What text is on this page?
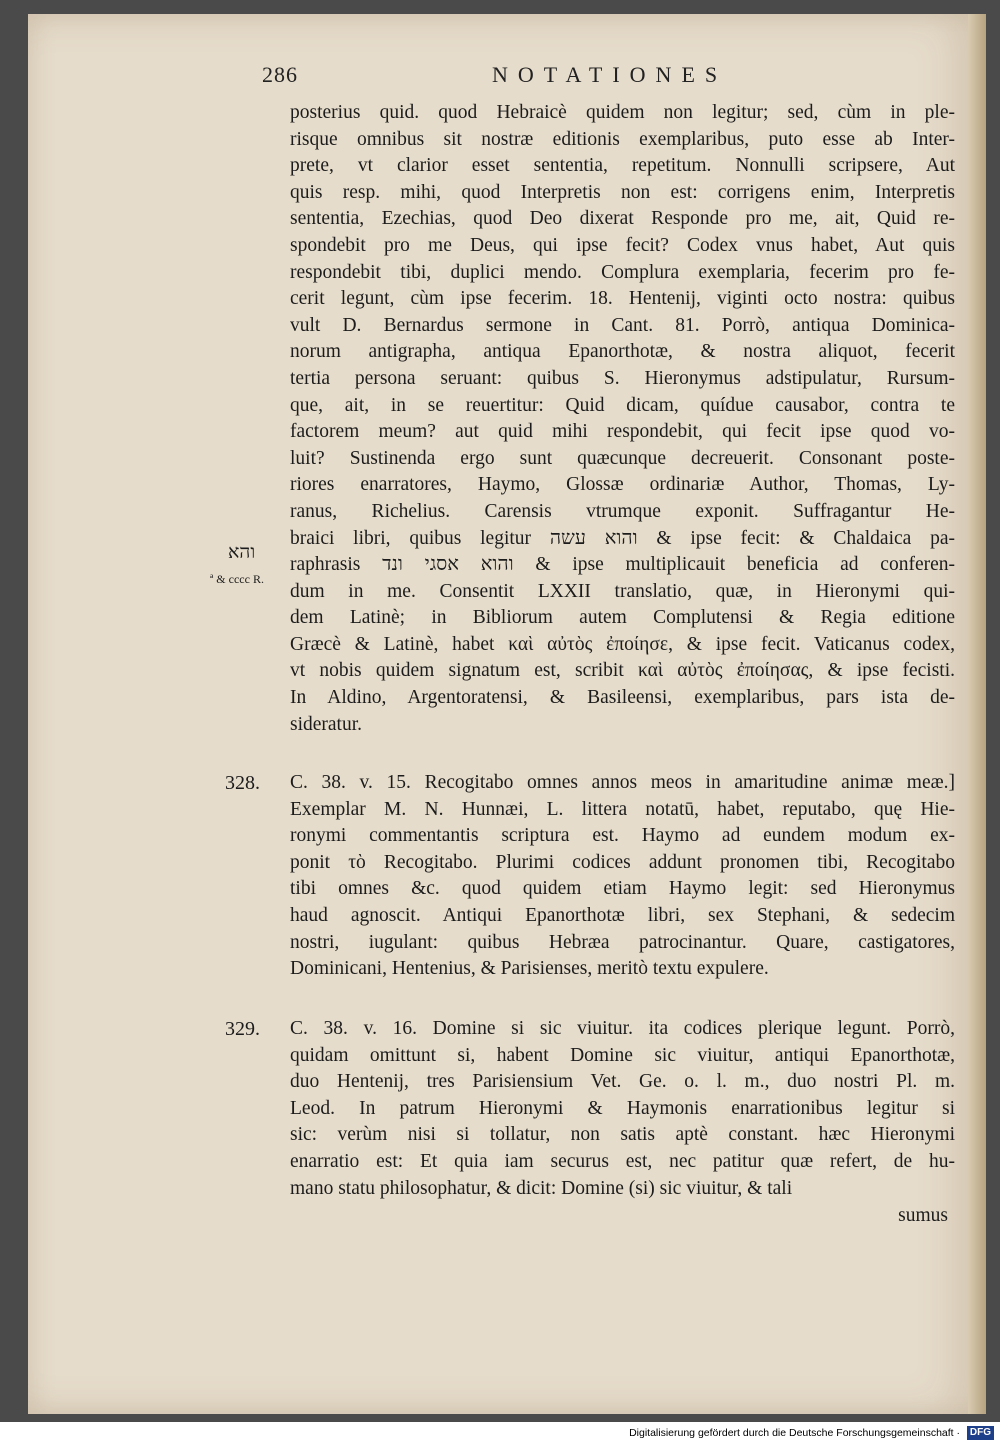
286	NOTATIONES
posterius quid. quod Hebraicè quidem non legitur; sed, cùm in ple-
risque omnibus sit nostræ editionis exemplaribus, puto esse ab Inter-
prete, vt clarior esset sententia, repetitum. Nonnulli scripsere, Aut
quis resp. mihi, quod Interpretis non est: corrigens enim, Interpretis
sententia, Ezechias, quod Deo dixerat Responde pro me, ait, Quid re-
spondebit pro me Deus, qui ipse fecit? Codex vnus habet, Aut quis
respondebit tibi, duplici mendo. Complura exemplaria, fecerim pro fe-
cerit legunt, cùm ipse fecerim. 18. Hentenij, viginti octo nostra: quibus
vult D. Bernardus sermone in Cant. 81. Porrò, antiqua Dominica-
norum antigrapha, antiqua Epanorthotæ, & nostra aliquot, fecerit
tertia persona seruant: quibus S. Hieronymus adstipulatur, Rursum-
que, ait, in se reuertitur: Quid dicam, quídue causabor, contra te
factorem meum? aut quid mihi respondebit, qui fecit ipse quod vo-
luit? Sustinenda ergo sunt quæcunque decreuerit. Consonant poste-
riores enarratores, Haymo, Glossæ ordinariæ Author, Thomas, Ly-
ranus, Richelius. Carensis vtrumque exponit. Suffragantur He-
braici libri, quibus legitur והוא עשה & ipse fecit: & Chaldaica pa-
raphrasis והוא אסגי ונד & ipse multiplicauit beneficia ad conferen-
dum in me. Consentit LXXII translatio, quæ, in Hieronymi qui-
dem Latinè; in Bibliorum autem Complutensi & Regia editione
Græcè & Latinè, habet καὶ αὐτὸς ἐποίησε, & ipse fecit. Vaticanus codex,
vt nobis quidem signatum est, scribit καὶ αὐτὸς ἐποίησας, & ipse fecisti.
In Aldino, Argentoratensi, & Basileensi, exemplaribus, pars ista de-
sideratur.
והא
ª & cccc R.
328. C. 38. v. 15. Recogitabo omnes annos meos in amaritudine animæ meæ.]
Exemplar M. N. Hunnæi, L. littera notatū, habet, reputabo, quę Hie-
ronymi commentantis scriptura est. Haymo ad eundem modum ex-
ponit τὸ Recogitabo. Plurimi codices addunt pronomen tibi, Recogitabo
tibi omnes &c. quod quidem etiam Haymo legit: sed Hieronymus
haud agnoscit. Antiqui Epanorthotæ libri, sex Stephani, & sedecim
nostri, iugulant: quibus Hebræa patrocinantur. Quare, castigatores,
Dominicani, Hentenius, & Parisienses, meritò textu expulere.
329. C. 38. v. 16. Domine si sic viuitur. ita codices plerique legunt. Porrò,
quidam omittunt si, habent Domine sic viuitur, antiqui Epanorthotæ,
duo Hentenij, tres Parisiensium Vet. Ge. o. l. m., duo nostri Pl. m.
Leod. In patrum Hieronymi & Haymonis enarrationibus legitur si
sic: verùm nisi si tollatur, non satis aptè constant. hæc Hieronymi
enarratio est: Et quia iam securus est, nec patitur quæ refert, de hu-
mano statu philosophatur, & dicit: Domine (si) sic viuitur, & tali
sumus
Digitalisierung gefördert durch die Deutsche Forschungsgemeinschaft · DFG
